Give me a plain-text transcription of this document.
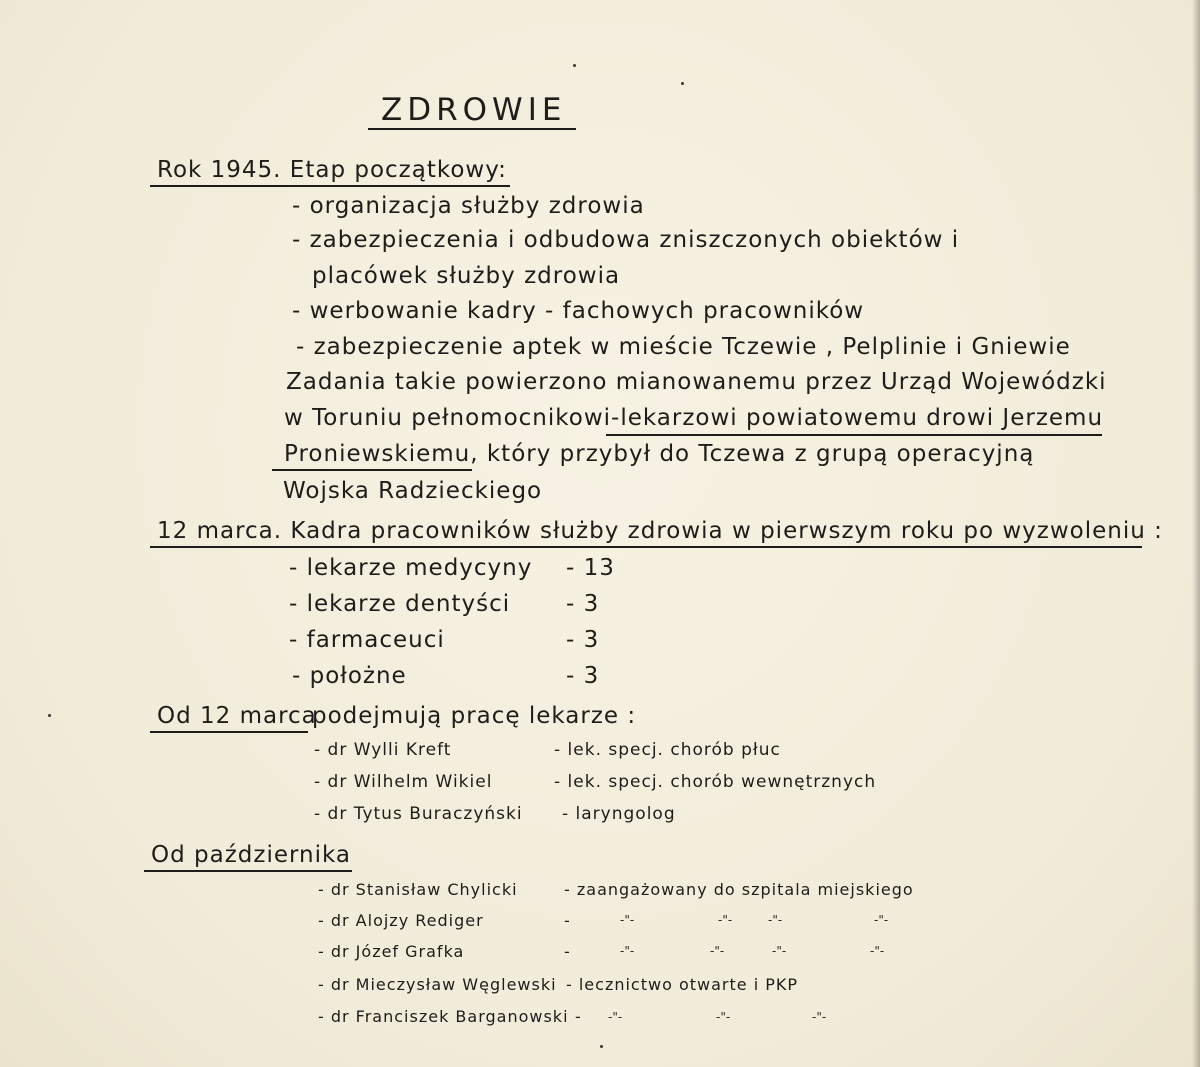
ZDROWIE
Rok 1945. Etap początkowy:
- organizacja służby zdrowia
- zabezpieczenia i odbudowa zniszczonych obiektów i
placówek służby zdrowia
- werbowanie kadry - fachowych pracowników
- zabezpieczenie aptek w mieście Tczewie , Pelplinie i Gniewie
Zadania takie powierzono mianowanemu przez Urząd Wojewódzki
w Toruniu pełnomocnikowi-lekarzowi powiatowemu drowi Jerzemu
Proniewskiemu, który przybył do Tczewa z grupą operacyjną
Wojska Radzieckiego
12 marca. Kadra pracowników służby zdrowia w pierwszym roku po wyzwoleniu :
- lekarze medycyny - 13
- lekarze dentyści - 3
- farmaceuci	- 3
- położne	- 3
Od 12 marca
podejmują pracę lekarze :
- dr Wylli Kreft	- lek. specj. chorób płuc
- dr Wilhelm Wikiel	- lek. specj. chorób wewnętrznych
- dr Tytus Buraczyński - laryngolog
Od października
- dr Stanisław Chylicki	- zaangażowany do szpitala miejskiego
- dr Alojzy Rediger	-	-"-	-"-	-"-	-"-
- dr Józef Grafka	-	-"-	-"-	-"-	-"-
- dr Mieczysław Węglewski - lecznictwo otwarte i PKP
- dr Franciszek Barganowski - -"-	-"-	-"-
